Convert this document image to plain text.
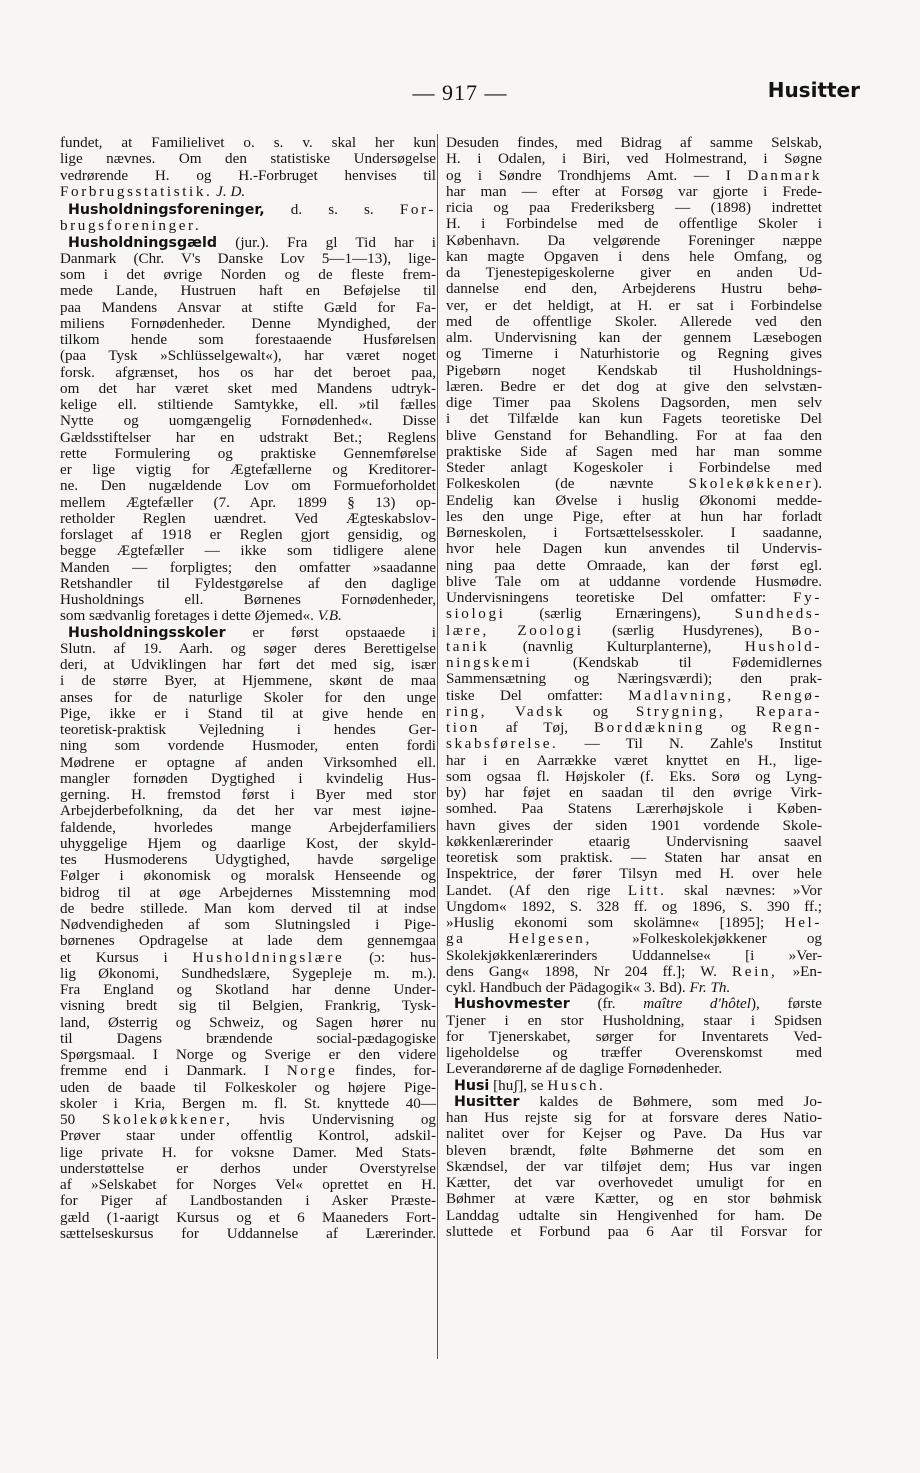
— 917 —	Husitter
fundet, at Familielivet o. s. v. skal her kun
lige nævnes. Om den statistiske Undersøgelse
vedrørende H. og H.-Forbruget henvises til
Forbrugsstatistik. J. D.
Husholdningsforeninger, d. s. s. For-
brugsforeninger.
Husholdningsgæld (jur.). Fra gl Tid har i
Danmark (Chr. V's Danske Lov 5—1—13), lige-
som i det øvrige Norden og de fleste frem-
mede Lande, Hustruen haft en Beføjelse til
paa Mandens Ansvar at stifte Gæld for Fa-
miliens Fornødenheder. Denne Myndighed, der
tilkom hende som forestaaende Husførelsen
(paa Tysk »Schlüsselgewalt«), har været noget
forsk. afgrænset, hos os har det beroet paa,
om det har været sket med Mandens udtryk-
kelige ell. stiltiende Samtykke, ell. »til fælles
Nytte og uomgængelig Fornødenhed«. Disse
Gældsstiftelser har en udstrakt Bet.; Reglens
rette Formulering og praktiske Gennemførelse
er lige vigtig for Ægtefællerne og Kreditorer-
ne. Den nugældende Lov om Formueforholdet
mellem Ægtefæller (7. Apr. 1899 § 13) op-
retholder Reglen uændret. Ved Ægteskabslov-
forslaget af 1918 er Reglen gjort gensidig, og
begge Ægtefæller — ikke som tidligere alene
Manden — forpligtes; den omfatter »saadanne
Retshandler til Fyldestgørelse af den daglige
Husholdnings ell. Børnenes Fornødenheder,
som sædvanlig foretages i dette Øjemed«. V.B.
Husholdningsskoler er først opstaaede i
Slutn. af 19. Aarh. og søger deres Berettigelse
deri, at Udviklingen har ført det med sig, især
i de større Byer, at Hjemmene, skønt de maa
anses for de naturlige Skoler for den unge
Pige, ikke er i Stand til at give hende en
teoretisk-praktisk Vejledning i hendes Ger-
ning som vordende Husmoder, enten fordi
Mødrene er optagne af anden Virksomhed ell.
mangler fornøden Dygtighed i kvindelig Hus-
gerning. H. fremstod først i Byer med stor
Arbejderbefolkning, da det her var mest iøjne-
faldende, hvorledes mange Arbejderfamiliers
uhyggelige Hjem og daarlige Kost, der skyld-
tes Husmoderens Udygtighed, havde sørgelige
Følger i økonomisk og moralsk Henseende og
bidrog til at øge Arbejdernes Misstemning mod
de bedre stillede. Man kom derved til at indse
Nødvendigheden af som Slutningsled i Pige-
børnenes Opdragelse at lade dem gennemgaa
et Kursus i Husholdningslære (ɔ: hus-
lig Økonomi, Sundhedslære, Sygepleje m. m.).
Fra England og Skotland har denne Under-
visning bredt sig til Belgien, Frankrig, Tysk-
land, Østerrig og Schweiz, og Sagen hører nu
til Dagens brændende social-pædagogiske
Spørgsmaal. I Norge og Sverige er den videre
fremme end i Danmark. I Norge findes, for-
uden de baade til Folkeskoler og højere Pige-
skoler i Kria, Bergen m. fl. St. knyttede 40—
50 Skolekøkkener, hvis Undervisning og
Prøver staar under offentlig Kontrol, adskil-
lige private H. for voksne Damer. Med Stats-
understøttelse er derhos under Overstyrelse
af »Selskabet for Norges Vel« oprettet en H.
for Piger af Landbostanden i Asker Præste-
gæld (1-aarigt Kursus og et 6 Maaneders Fort-
sættelseskursus for Uddannelse af Lærerinder.
Desuden findes, med Bidrag af samme Selskab,
H. i Odalen, i Biri, ved Holmestrand, i Søgne
og i Søndre Trondhjems Amt. — I Danmark
har man — efter at Forsøg var gjorte i Frede-
ricia og paa Frederiksberg — (1898) indrettet
H. i Forbindelse med de offentlige Skoler i
København. Da velgørende Foreninger næppe
kan magte Opgaven i dens hele Omfang, og
da Tjenestepigeskolerne giver en anden Ud-
dannelse end den, Arbejderens Hustru behø-
ver, er det heldigt, at H. er sat i Forbindelse
med de offentlige Skoler. Allerede ved den
alm. Undervisning kan der gennem Læsebogen
og Timerne i Naturhistorie og Regning gives
Pigebørn noget Kendskab til Husholdnings-
læren. Bedre er det dog at give den selvstæn-
dige Timer paa Skolens Dagsorden, men selv
i det Tilfælde kan kun Fagets teoretiske Del
blive Genstand for Behandling. For at faa den
praktiske Side af Sagen med har man somme
Steder anlagt Kogeskoler i Forbindelse med
Folkeskolen (de nævnte Skolekøkkener).
Endelig kan Øvelse i huslig Økonomi medde-
les den unge Pige, efter at hun har forladt
Børneskolen, i Fortsættelsesskoler. I saadanne,
hvor hele Dagen kun anvendes til Undervis-
ning paa dette Omraade, kan der først egl.
blive Tale om at uddanne vordende Husmødre.
Undervisningens teoretiske Del omfatter: Fy-
siologi (særlig Ernæringens), Sundheds-
lære, Zoologi (særlig Husdyrenes), Bo-
tanik (navnlig Kulturplanterne), Hushold-
ningskemi (Kendskab til Fødemidlernes
Sammensætning og Næringsværdi); den prak-
tiske Del omfatter: Madlavning, Rengø-
ring, Vadsk og Strygning, Repara-
tion af Tøj, Borddækning og Regn-
skabsførelse. — Til N. Zahle's Institut
har i en Aarrække været knyttet en H., lige-
som ogsaa fl. Højskoler (f. Eks. Sorø og Lyng-
by) har føjet en saadan til den øvrige Virk-
somhed. Paa Statens Lærerhøjskole i Køben-
havn gives der siden 1901 vordende Skole-
køkkenlærerinder etaarig Undervisning saavel
teoretisk som praktisk. — Staten har ansat en
Inspektrice, der fører Tilsyn med H. over hele
Landet. (Af den rige Litt. skal nævnes: »Vor
Ungdom« 1892, S. 328 ff. og 1896, S. 390 ff.;
»Huslig ekonomi som skolämne« [1895]; Hel-
ga Helgesen, »Folkeskolekjøkkener og
Skolekjøkkenlærerinders Uddannelse« [i »Ver-
dens Gang« 1898, Nr 204 ff.]; W. Rein, »En-
cykl. Handbuch der Pädagogik« 3. Bd). Fr. Th.
Hushovmester (fr. maître d'hôtel), første
Tjener i en stor Husholdning, staar i Spidsen
for Tjenerskabet, sørger for Inventarets Ved-
ligeholdelse og træffer Overenskomst med
Leverandørerne af de daglige Fornødenheder.
Husi [huʃ], se Husch.
Husitter kaldes de Bøhmere, som med Jo-
han Hus rejste sig for at forsvare deres Natio-
nalitet over for Kejser og Pave. Da Hus var
bleven brændt, følte Bøhmerne det som en
Skændsel, der var tilføjet dem; Hus var ingen
Kætter, det var overhovedet umuligt for en
Bøhmer at være Kætter, og en stor bøhmisk
Landdag udtalte sin Hengivenhed for ham. De
sluttede et Forbund paa 6 Aar til Forsvar for
